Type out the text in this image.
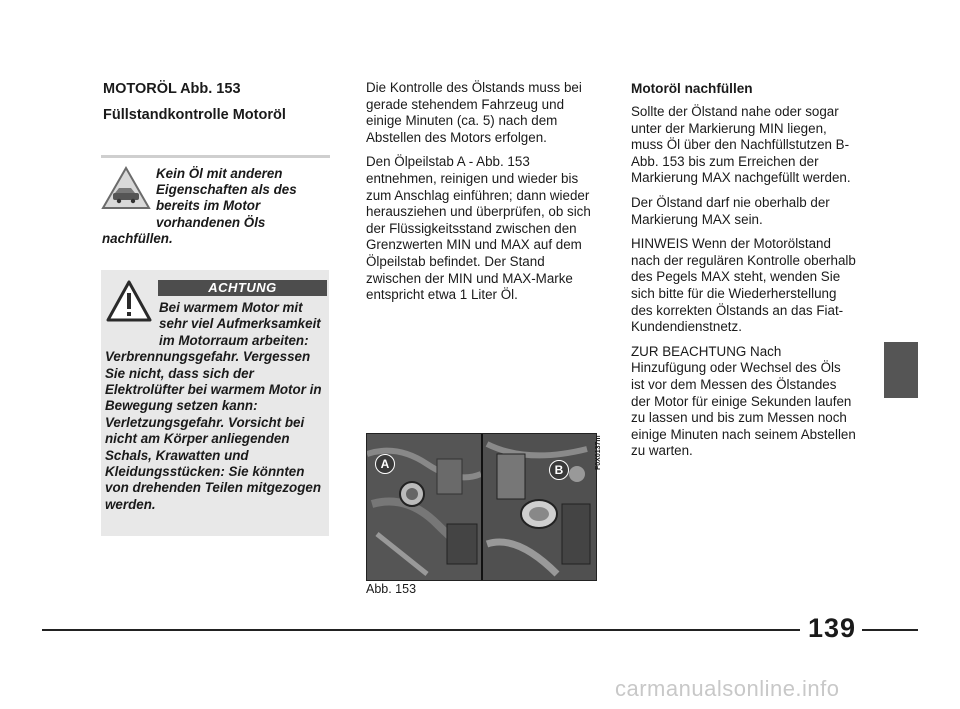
MOTORÖL Abb. 153
Füllstandkontrolle Motoröl
Kein Öl mit anderen Eigenschaften als des bereits im Motor vorhandenen Öls nachfüllen.
ACHTUNG
Bei warmem Motor mit sehr viel Aufmerksamkeit im Motorraum arbeiten: Verbrennungsgefahr. Vergessen Sie nicht, dass sich der Elektrolüfter bei warmem Motor in Bewegung setzen kann: Verletzungsgefahr. Vorsicht bei nicht am Körper anliegenden Schals, Krawatten und Kleidungsstücken: Sie könnten von drehenden Teilen mitgezogen werden.

Die Kontrolle des Ölstands muss bei gerade stehendem Fahrzeug und einige Minuten (ca. 5) nach dem Abstellen des Motors erfolgen.

Den Ölpeilstab A - Abb. 153 entnehmen, reinigen und wieder bis zum Anschlag einführen; dann wieder herausziehen und überprüfen, ob sich der Flüssigkeitsstand zwischen den Grenzwerten MIN und MAX auf dem Ölpeilstab befindet. Der Stand zwischen der MIN und MAX-Marke entspricht etwa 1 Liter Öl.

A	B	F0X0137m
Abb. 153

Motoröl nachfüllen

Sollte der Ölstand nahe oder sogar unter der Markierung MIN liegen, muss Öl über den Nachfüllstutzen B-Abb. 153 bis zum Erreichen der Markierung MAX nachgefüllt werden.

Der Ölstand darf nie oberhalb der Markierung MAX sein.

HINWEIS Wenn der Motorölstand nach der regulären Kontrolle oberhalb des Pegels MAX steht, wenden Sie sich bitte für die Wiederherstellung des korrekten Ölstands an das Fiat-Kundendienstnetz.

ZUR BEACHTUNG Nach Hinzufügung oder Wechsel des Öls ist vor dem Messen des Ölstandes der Motor für einige Sekunden laufen zu lassen und bis zum Messen noch einige Minuten nach seinem Abstellen zu warten.

139
carmanualsonline.info
